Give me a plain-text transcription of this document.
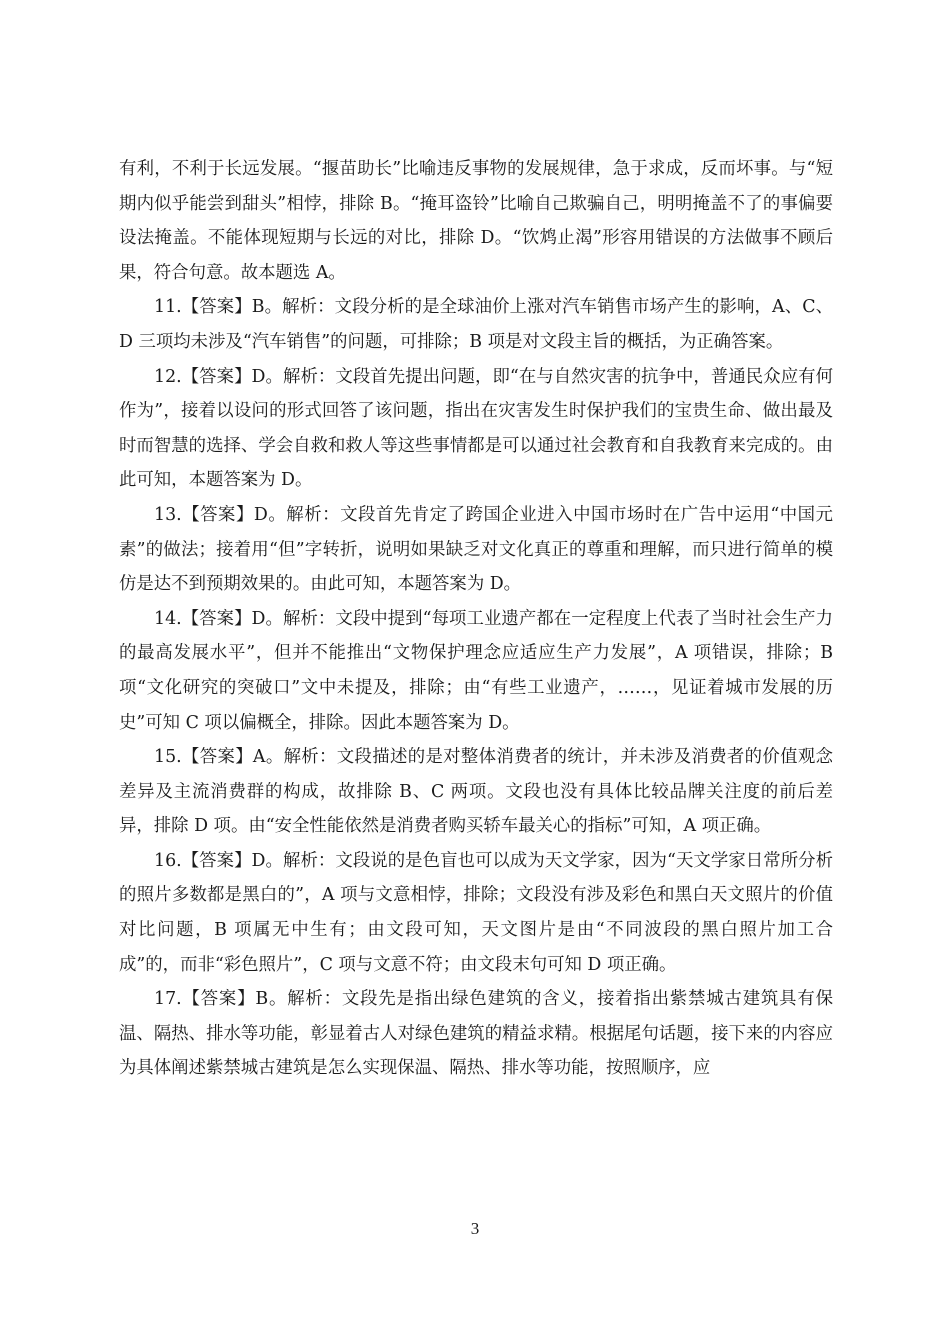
有利，不利于长远发展。“揠苗助长”比喻违反事物的发展规律，急于求成，反而坏事。与“短期内似乎能尝到甜头”相悖，排除 B。“掩耳盗铃”比喻自己欺骗自己，明明掩盖不了的事偏要设法掩盖。不能体现短期与长远的对比，排除 D。“饮鸩止渴”形容用错误的方法做事不顾后果，符合句意。故本题选 A。

11.【答案】B。解析：文段分析的是全球油价上涨对汽车销售市场产生的影响，A、C、D 三项均未涉及“汽车销售”的问题，可排除；B 项是对文段主旨的概括，为正确答案。

12.【答案】D。解析：文段首先提出问题，即“在与自然灾害的抗争中，普通民众应有何作为”，接着以设问的形式回答了该问题，指出在灾害发生时保护我们的宝贵生命、做出最及时而智慧的选择、学会自救和救人等这些事情都是可以通过社会教育和自我教育来完成的。由此可知，本题答案为 D。

13.【答案】D。解析：文段首先肯定了跨国企业进入中国市场时在广告中运用“中国元素”的做法；接着用“但”字转折，说明如果缺乏对文化真正的尊重和理解，而只进行简单的模仿是达不到预期效果的。由此可知，本题答案为 D。

14.【答案】D。解析：文段中提到“每项工业遗产都在一定程度上代表了当时社会生产力的最高发展水平”，但并不能推出“文物保护理念应适应生产力发展”，A 项错误，排除；B 项“文化研究的突破口”文中未提及，排除；由“有些工业遗产，……，见证着城市发展的历史”可知 C 项以偏概全，排除。因此本题答案为 D。

15.【答案】A。解析：文段描述的是对整体消费者的统计，并未涉及消费者的价值观念差异及主流消费群的构成，故排除 B、C 两项。文段也没有具体比较品牌关注度的前后差异，排除 D 项。由“安全性能依然是消费者购买轿车最关心的指标”可知，A 项正确。

16.【答案】D。解析：文段说的是色盲也可以成为天文学家，因为“天文学家日常所分析的照片多数都是黑白的”，A 项与文意相悖，排除；文段没有涉及彩色和黑白天文照片的价值对比问题，B 项属无中生有；由文段可知，天文图片是由“不同波段的黑白照片加工合成”的，而非“彩色照片”，C 项与文意不符；由文段末句可知 D 项正确。

17.【答案】B。解析：文段先是指出绿色建筑的含义，接着指出紫禁城古建筑具有保温、隔热、排水等功能，彰显着古人对绿色建筑的精益求精。根据尾句话题，接下来的内容应为具体阐述紫禁城古建筑是怎么实现保温、隔热、排水等功能，按照顺序，应

3
